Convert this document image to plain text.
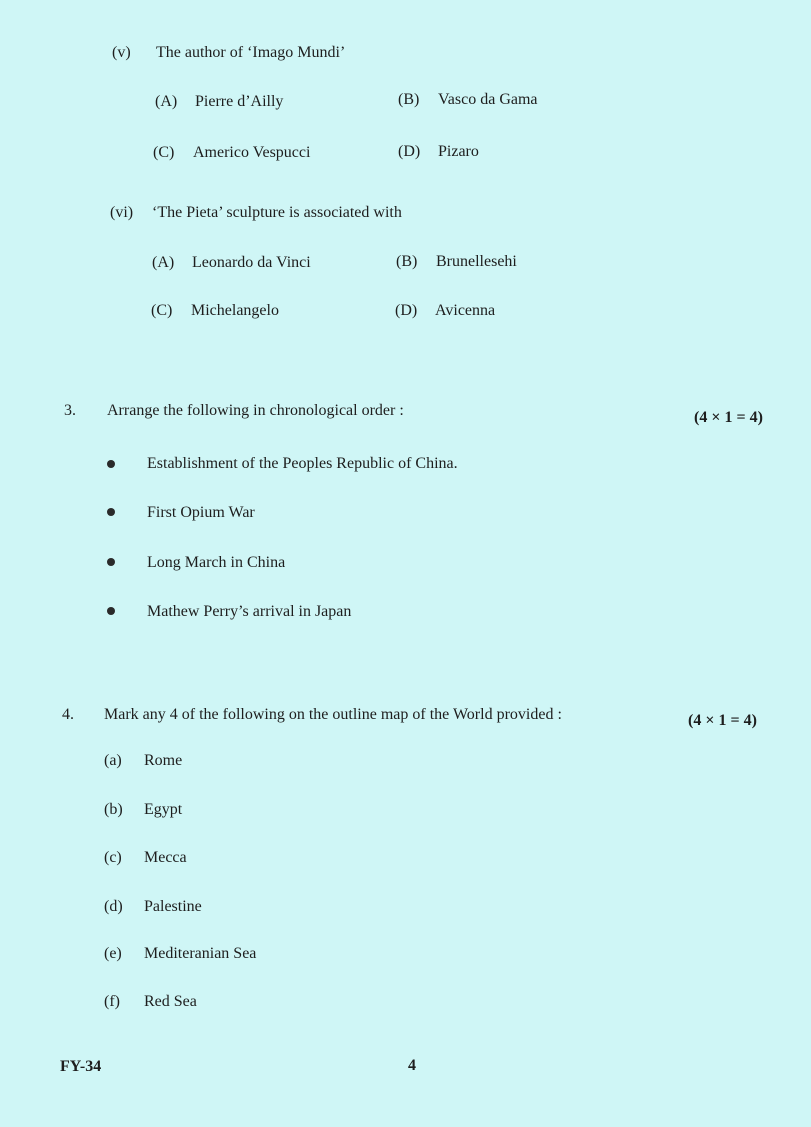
(v) The author of ‘Imago Mundi’
(A) Pierre d’Ailly	(B) Vasco da Gama
(C) Americo Vespucci	(D) Pizaro
(vi) ‘The Pieta’ sculpture is associated with
(A) Leonardo da Vinci	(B) Brunellesehi
(C) Michelangelo	(D) Avicenna
3. Arrange the following in chronological order :	(4 × 1 = 4)
Establishment of the Peoples Republic of China.
First Opium War
Long March in China
Mathew Perry’s arrival in Japan
4. Mark any 4 of the following on the outline map of the World provided :	(4 × 1 = 4)
(a) Rome
(b) Egypt
(c) Mecca
(d) Palestine
(e) Mediteranian Sea
(f) Red Sea
FY-34	4
